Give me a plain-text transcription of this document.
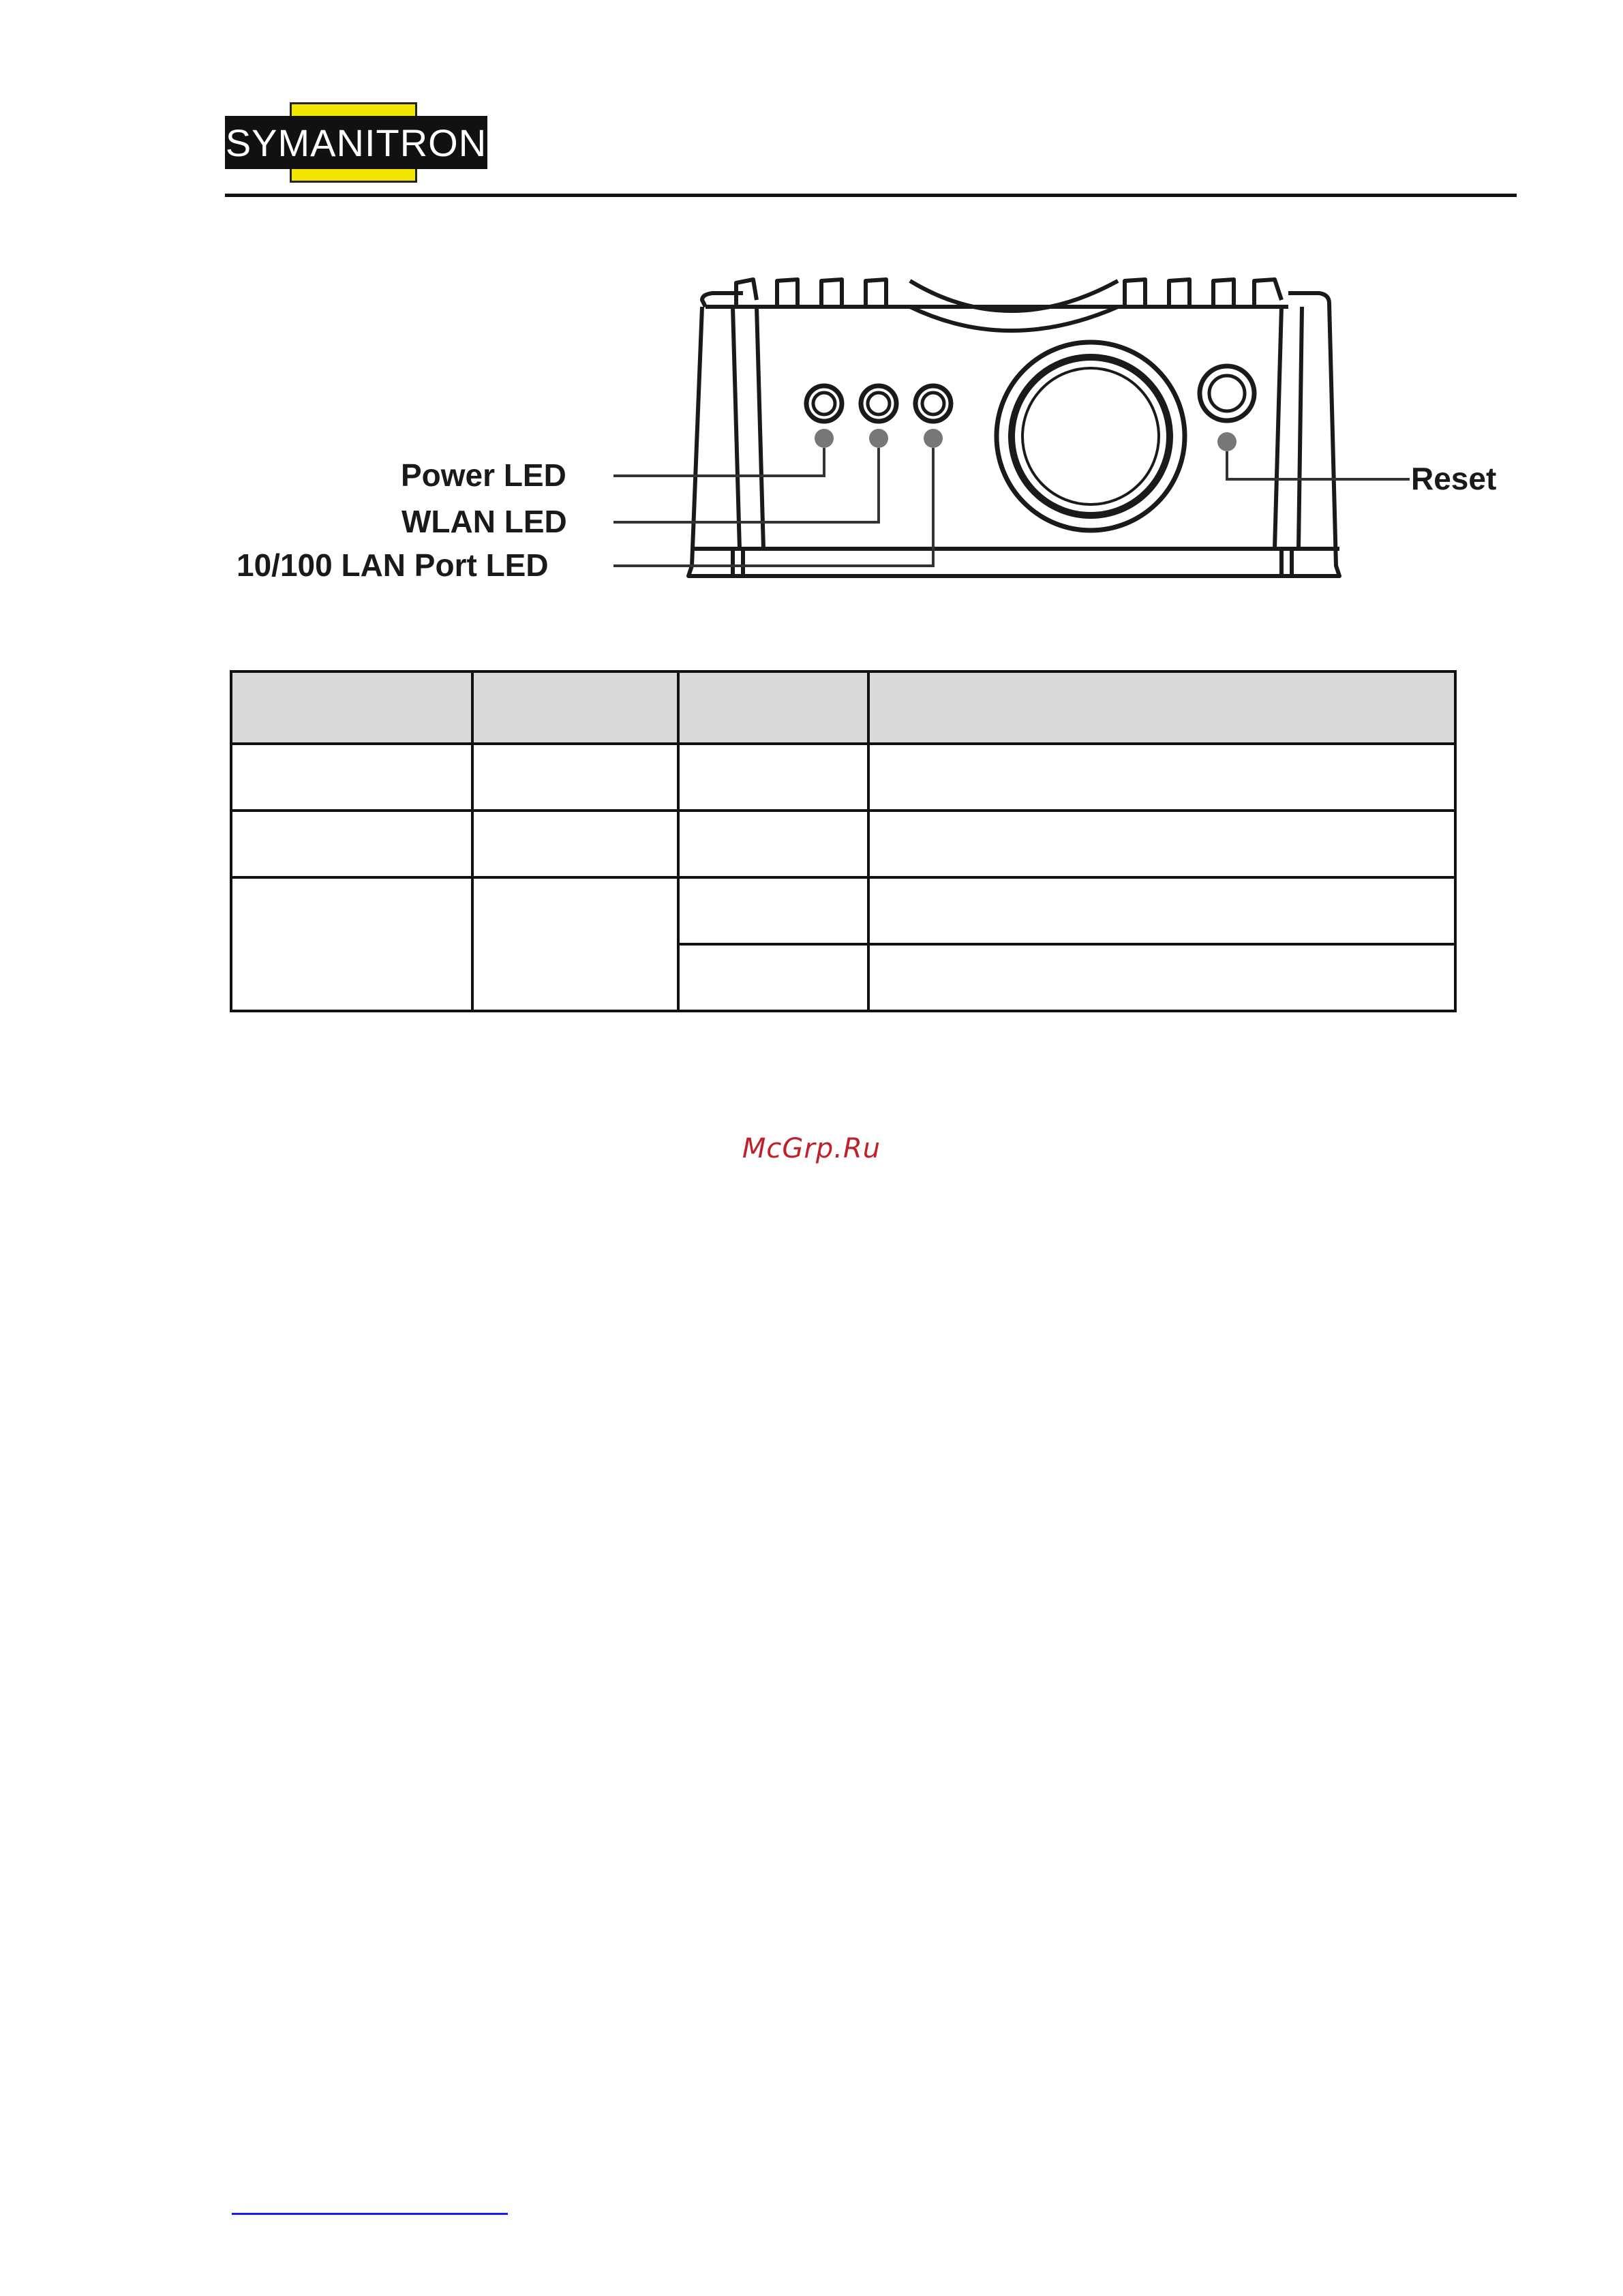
SYMANITRON
Power LED
WLAN LED
10/100 LAN Port LED
Reset

McGrp.Ru
